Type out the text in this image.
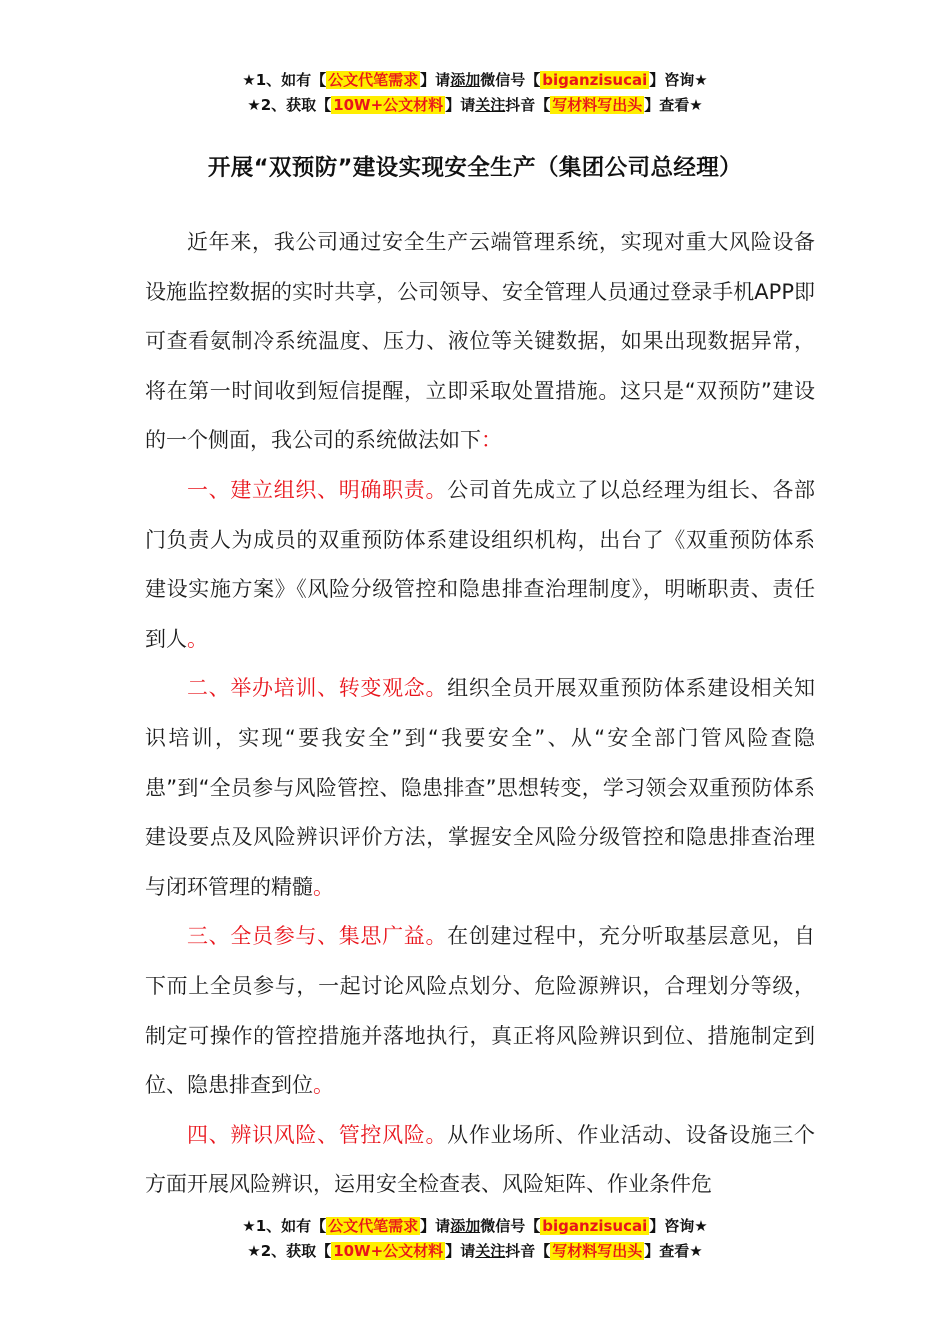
★1、如有【 公文代笔需求 】请添加微信号【 biganzisucai 】咨询★
★2、获取【 10W+公文材料 】请关注抖音【 写材料写出头 】查看★
开展“双预防”建设实现安全生产（集团公司总经理）

近年来，我公司通过安全生产云端管理系统，实现对重大风险设备设施监控数据的实时共享，公司领导、安全管理人员通过登录手机APP即可查看氨制冷系统温度、压力、液位等关键数据，如果出现数据异常，将在第一时间收到短信提醒，立即采取处置措施。这只是“双预防”建设的一个侧面，我公司的系统做法如下：

一、建立组织、明确职责。公司首先成立了以总经理为组长、各部门负责人为成员的双重预防体系建设组织机构，出台了《双重预防体系建设实施方案》《风险分级管控和隐患排查治理制度》，明晰职责、责任到人。

二、举办培训、转变观念。组织全员开展双重预防体系建设相关知识培训，实现“要我安全”到“我要安全”、从“安全部门管风险查隐患”到“全员参与风险管控、隐患排查”思想转变，学习领会双重预防体系建设要点及风险辨识评价方法，掌握安全风险分级管控和隐患排查治理与闭环管理的精髓。

三、全员参与、集思广益。在创建过程中，充分听取基层意见，自下而上全员参与，一起讨论风险点划分、危险源辨识，合理划分等级，制定可操作的管控措施并落地执行，真正将风险辨识到位、措施制定到位、隐患排查到位。

四、辨识风险、管控风险。从作业场所、作业活动、设备设施三个方面开展风险辨识，运用安全检查表、风险矩阵、作业条件危

★1、如有【 公文代笔需求 】请添加微信号【 biganzisucai 】咨询★
★2、获取【 10W+公文材料 】请关注抖音【 写材料写出头 】查看★
